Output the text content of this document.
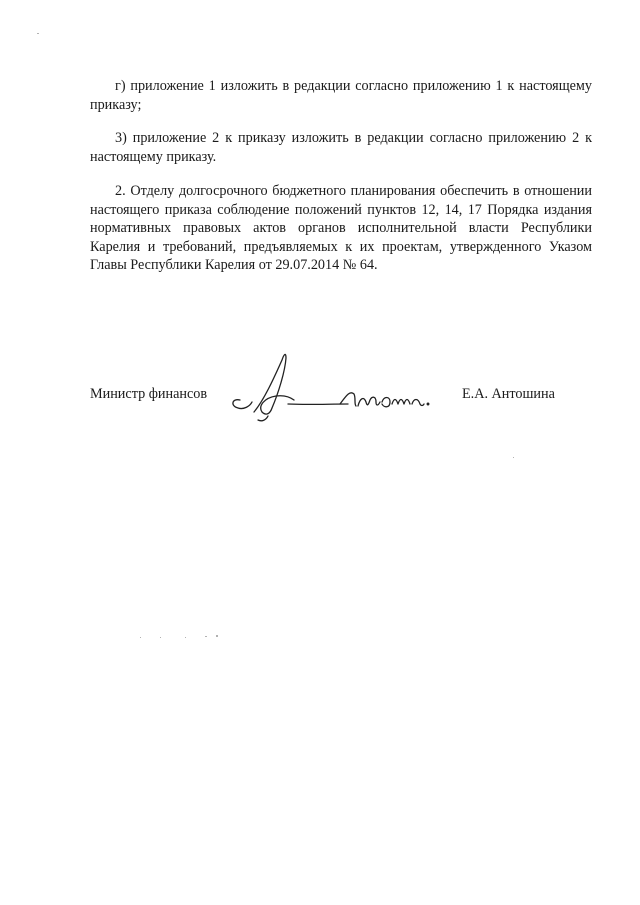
г) приложение 1 изложить в редакции согласно приложению 1 к настоящему приказу;

3) приложение 2 к приказу изложить в редакции согласно приложению 2 к настоящему приказу.

2. Отделу долгосрочного бюджетного планирования обеспечить в отношении настоящего приказа соблюдение положений пунктов 12, 14, 17 Порядка издания нормативных правовых актов органов исполнительной власти Республики Карелия и требований, предъявляемых к их проектам, утвержденного Указом Главы Республики Карелия от 29.07.2014 № 64.

Министр финансов	Е.А. Антошина
